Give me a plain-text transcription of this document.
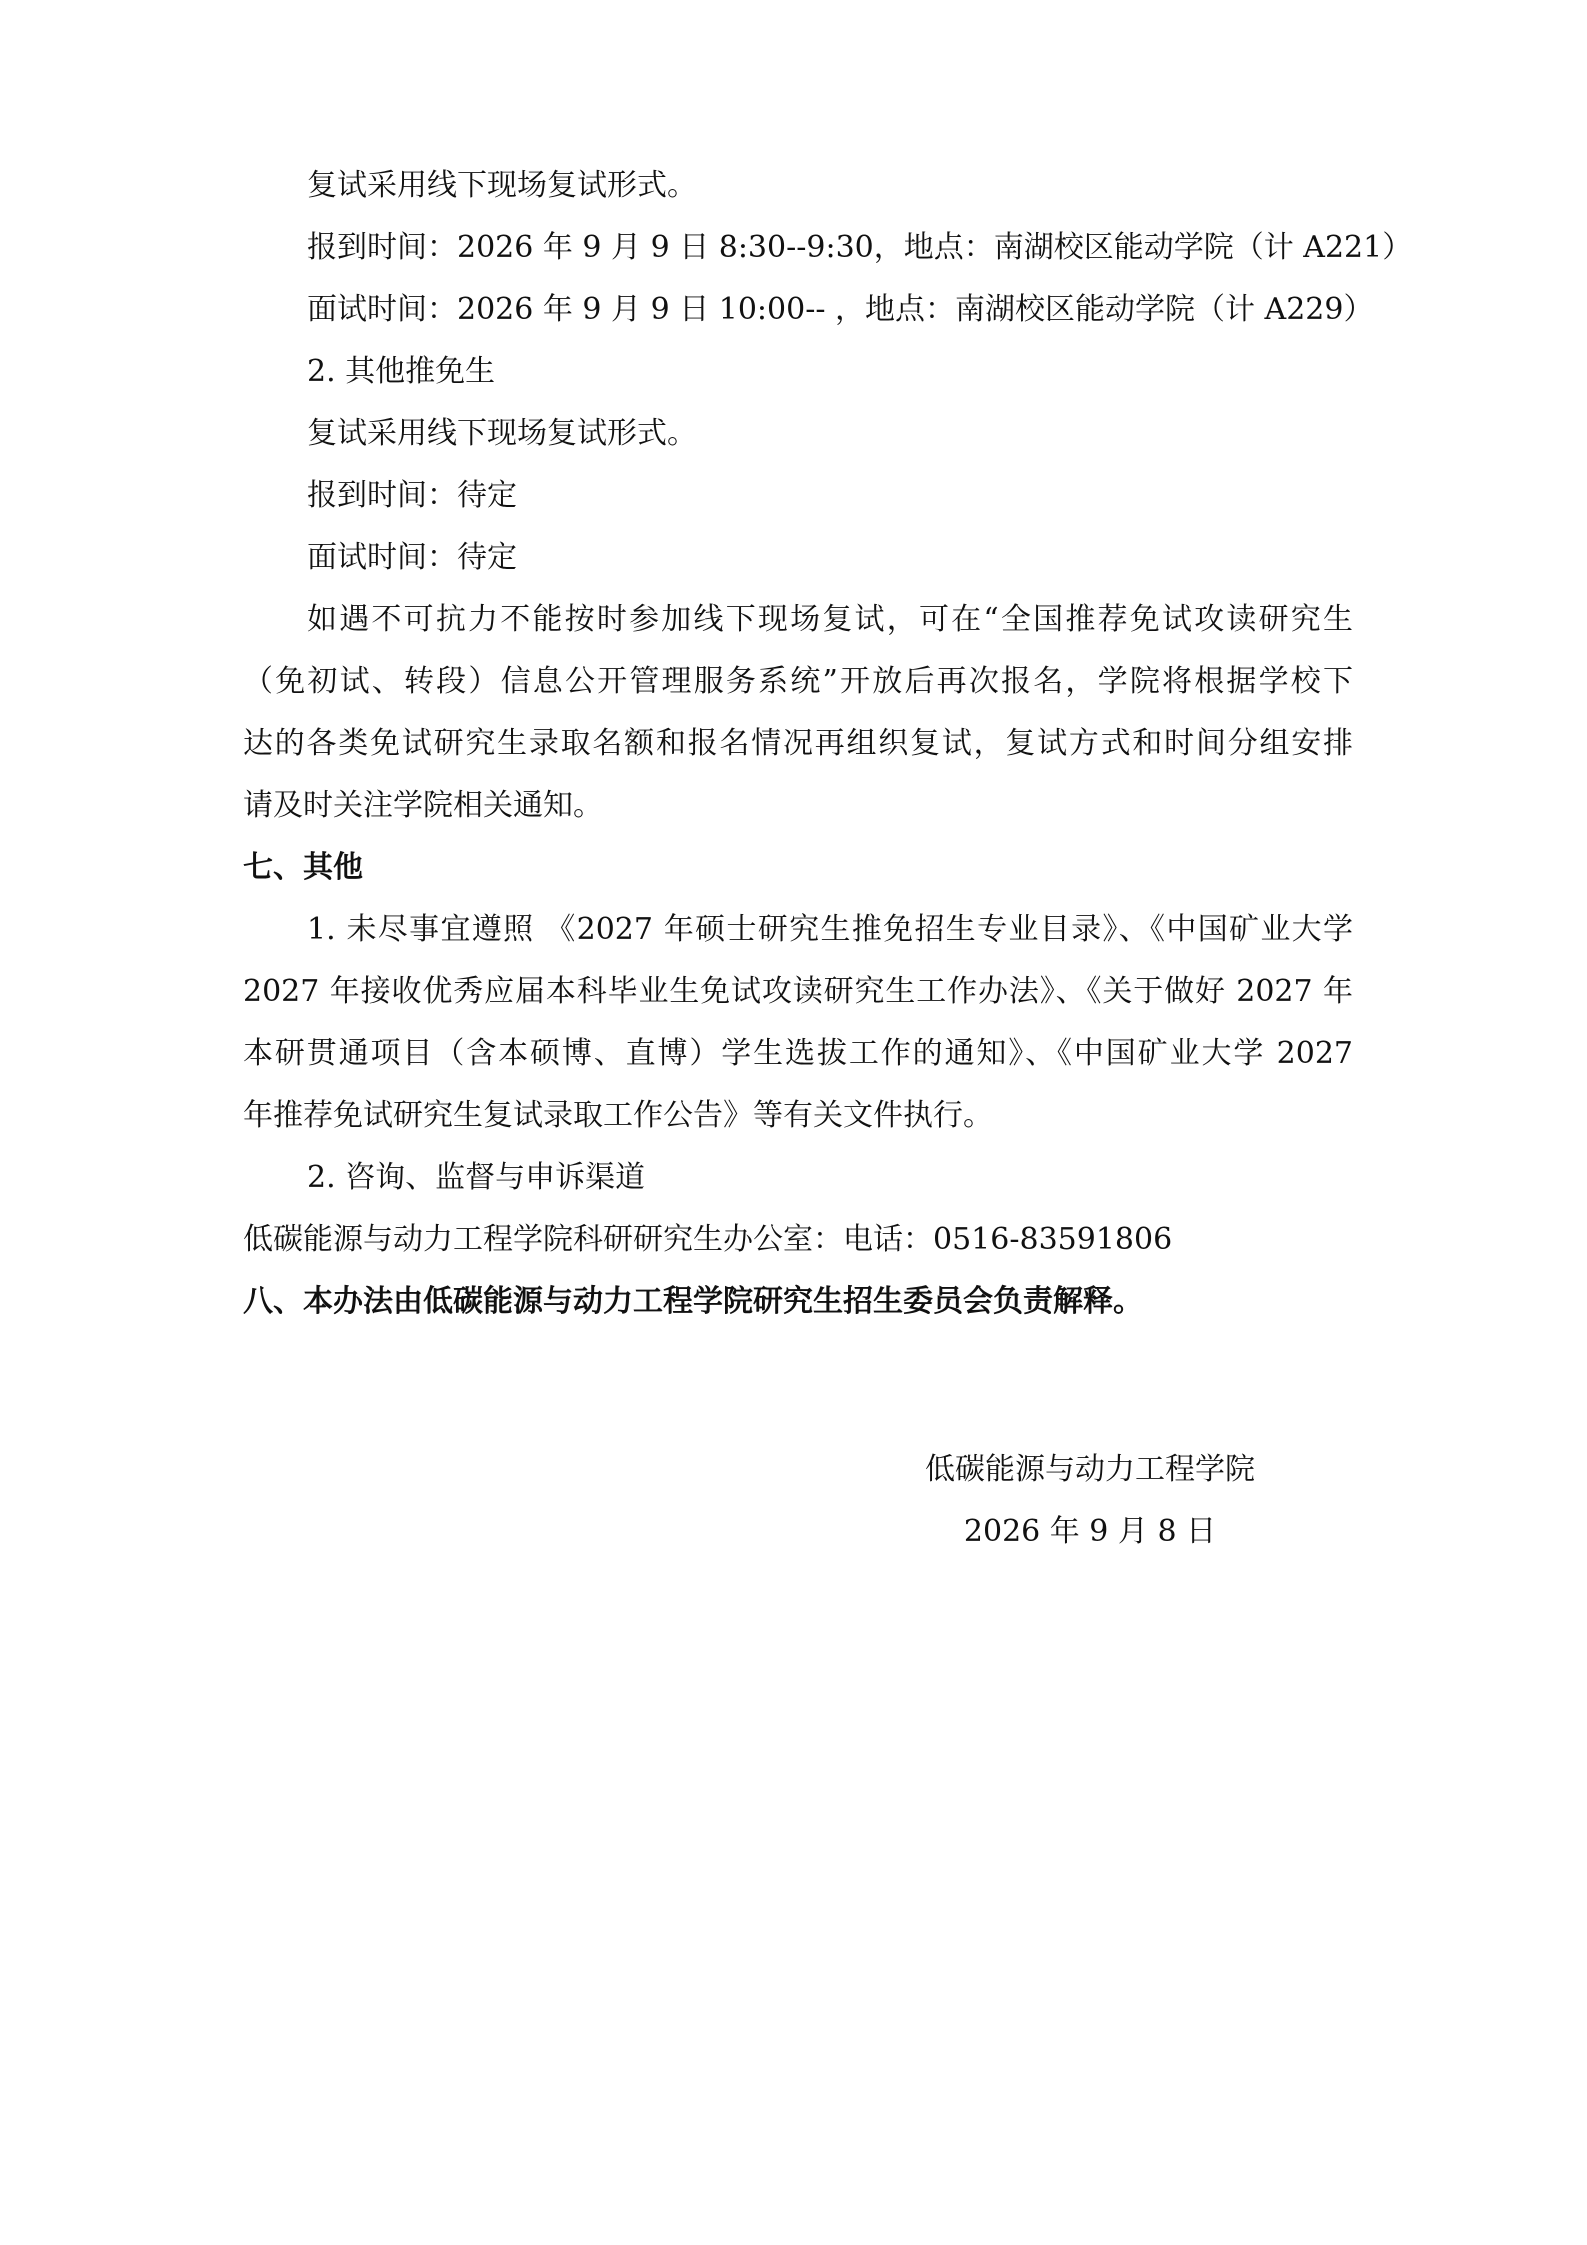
复试采用线下现场复试形式。

报到时间：2026 年 9 月 9 日 8:30--9:30，地点：南湖校区能动学院（计 A221）

面试时间：2026 年 9 月 9 日 10:00-- ，地点：南湖校区能动学院（计 A229）

2. 其他推免生

复试采用线下现场复试形式。

报到时间：待定

面试时间：待定

如遇不可抗力不能按时参加线下现场复试，可在“全国推荐免试攻读研究生

（免初试、转段）信息公开管理服务系统”开放后再次报名，学院将根据学校下

达的各类免试研究生录取名额和报名情况再组织复试，复试方式和时间分组安排

请及时关注学院相关通知。

七、其他

1. 未尽事宜遵照 《2027 年硕士研究生推免招生专业目录》、《中国矿业大学

2027 年接收优秀应届本科毕业生免试攻读研究生工作办法》、《关于做好 2027 年

本研贯通项目（含本硕博、直博）学生选拔工作的通知》、《中国矿业大学 2027

年推荐免试研究生复试录取工作公告》等有关文件执行。

2. 咨询、监督与申诉渠道

低碳能源与动力工程学院科研研究生办公室：电话：0516-83591806

八、本办法由低碳能源与动力工程学院研究生招生委员会负责解释。

低碳能源与动力工程学院

2026 年 9 月 8 日
